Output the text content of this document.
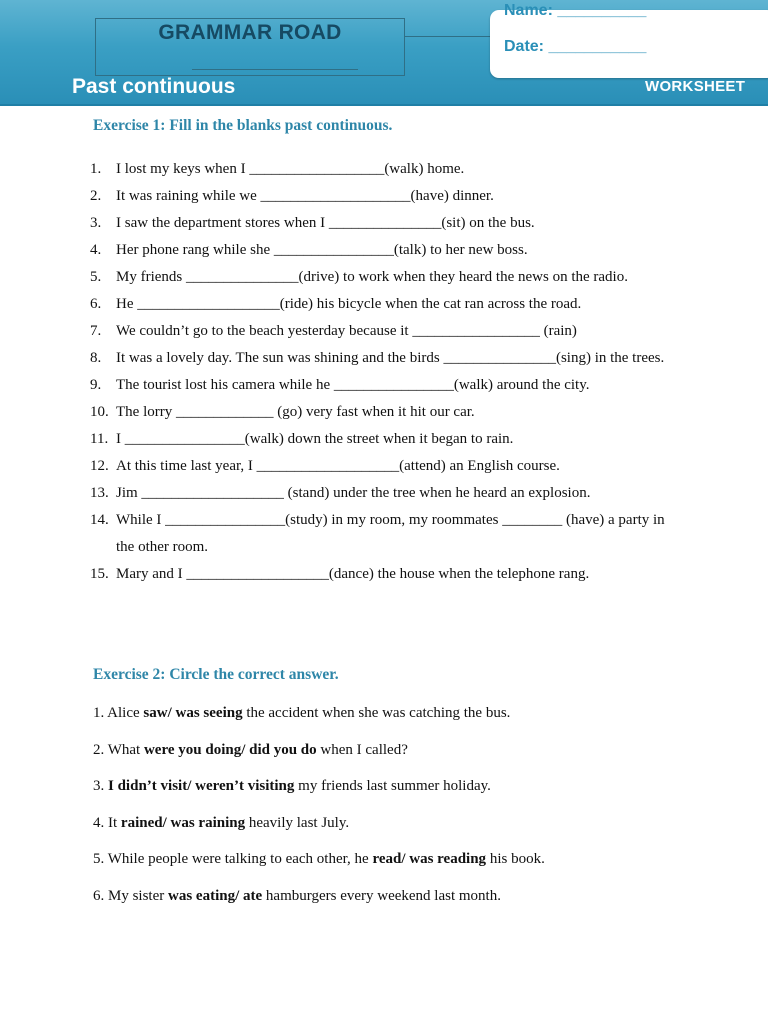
GRAMMAR ROAD
Name: __________
Date: ___________
Past continuous	WORKSHEET
Exercise 1: Fill in the blanks past continuous.
1. I lost my keys when I __________________(walk) home.
2. It was raining while we ____________________(have) dinner.
3. I saw the department stores when I _______________(sit) on the bus.
4. Her phone rang while she ________________(talk) to her new boss.
5. My friends _______________(drive) to work when they heard the news on the radio.
6. He ___________________(ride) his bicycle when the cat ran across the road.
7. We couldn’t go to the beach yesterday because it _________________ (rain)
8. It was a lovely day. The sun was shining and the birds _______________(sing) in the trees.
9. The tourist lost his camera while he ________________(walk) around the city.
10. The lorry _____________ (go) very fast when it hit our car.
11. I ________________(walk) down the street when it began to rain.
12. At this time last year, I ___________________(attend) an English course.
13. Jim ___________________ (stand) under the tree when he heard an explosion.
14. While I ________________(study) in my room, my roommates ________ (have) a party in the other room.
15. Mary and I ___________________(dance) the house when the telephone rang.
Exercise 2: Circle the correct answer.
1. Alice saw/ was seeing the accident when she was catching the bus.
2. What were you doing/ did you do when I called?
3. I didn’t visit/ weren’t visiting my friends last summer holiday.
4. It rained/ was raining heavily last July.
5. While people were talking to each other, he read/ was reading his book.
6. My sister was eating/ ate hamburgers every weekend last month.
